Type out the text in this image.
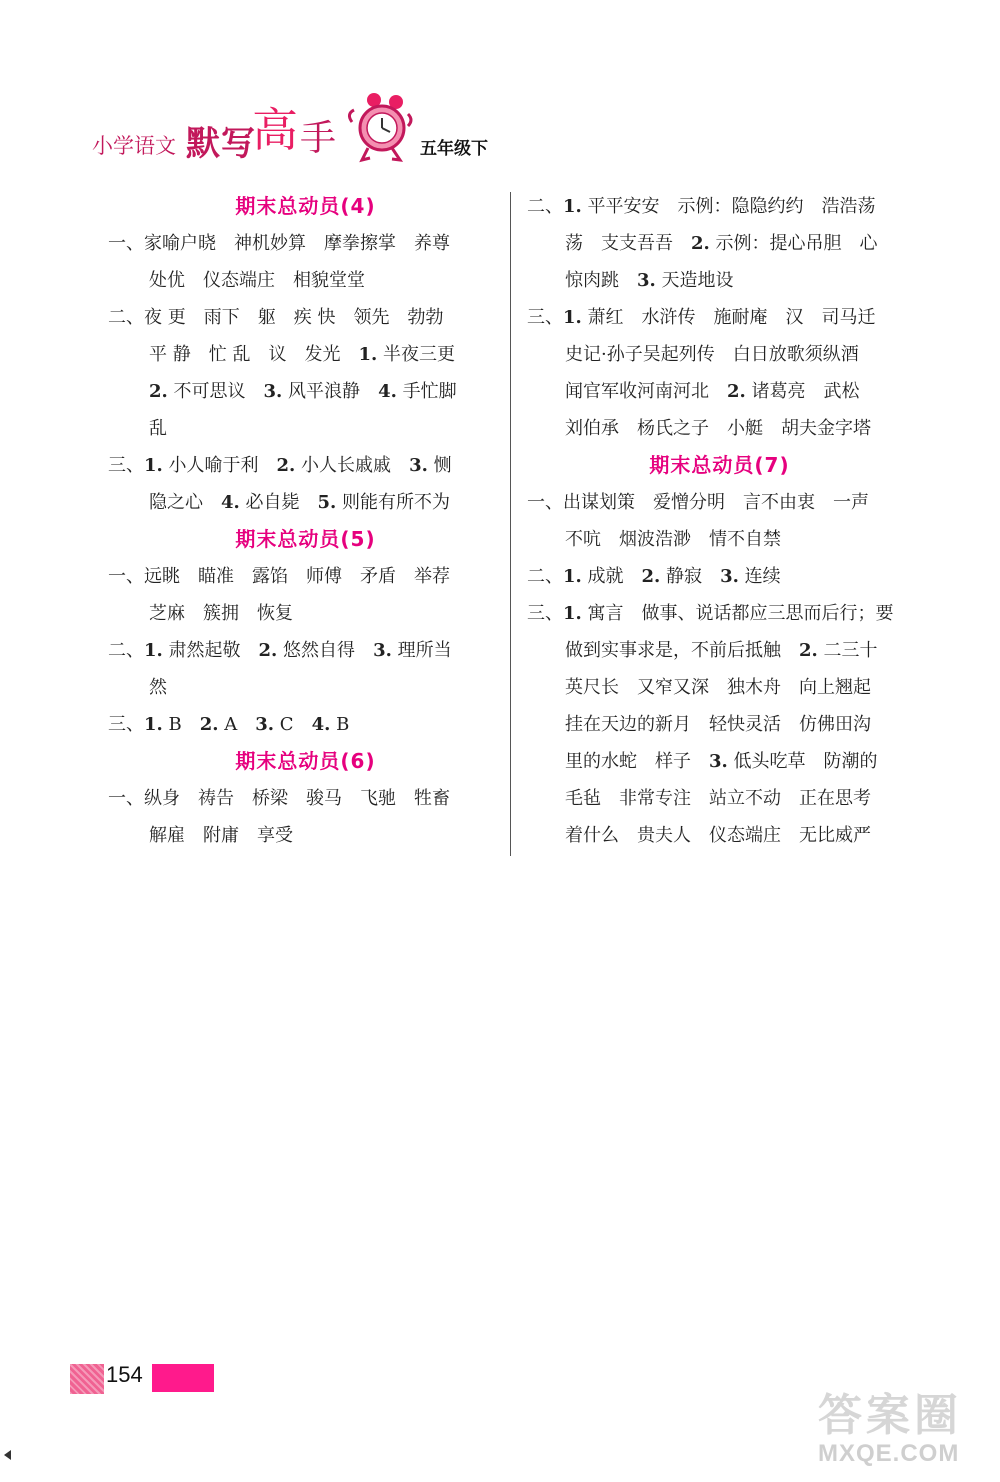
小学语文 默写
高 手	五年级下
期末总动员(4)
一、家喻户晓　神机妙算　摩拳擦掌　养尊
处优　仪态端庄　相貌堂堂
二、夜 更　雨下　躯　疾 快　领先　勃勃
平 静　忙 乱　议　发光　1. 半夜三更
2. 不可思议　3. 风平浪静　4. 手忙脚
乱
三、1. 小人喻于利　2. 小人长戚戚　3. 恻
隐之心　4. 必自毙　5. 则能有所不为
期末总动员(5)
一、远眺　瞄准　露馅　师傅　矛盾　举荐
芝麻　簇拥　恢复
二、1. 肃然起敬　2. 悠然自得　3. 理所当
然
三、1. B　2. A　3. C　4. B
期末总动员(6)
一、纵身　祷告　桥梁　骏马　飞驰　牲畜
解雇　附庸　享受
二、1. 平平安安　示例：隐隐约约　浩浩荡
荡　支支吾吾　2. 示例：提心吊胆　心
惊肉跳　3. 天造地设
三、1. 萧红　水浒传　施耐庵　汉　司马迁
史记·孙子吴起列传　白日放歌须纵酒
闻官军收河南河北　2. 诸葛亮　武松
刘伯承　杨氏之子　小艇　胡夫金字塔
期末总动员(7)
一、出谋划策　爱憎分明　言不由衷　一声
不吭　烟波浩渺　情不自禁
二、1. 成就　2. 静寂　3. 连续
三、1. 寓言　做事、说话都应三思而后行；要
做到实事求是，不前后抵触　2. 二三十
英尺长　又窄又深　独木舟　向上翘起
挂在天边的新月　轻快灵活　仿佛田沟
里的水蛇　样子　3. 低头吃草　防潮的
毛毡　非常专注　站立不动　正在思考
着什么　贵夫人　仪态端庄　无比威严
154
答案圈
MXQE.COM
